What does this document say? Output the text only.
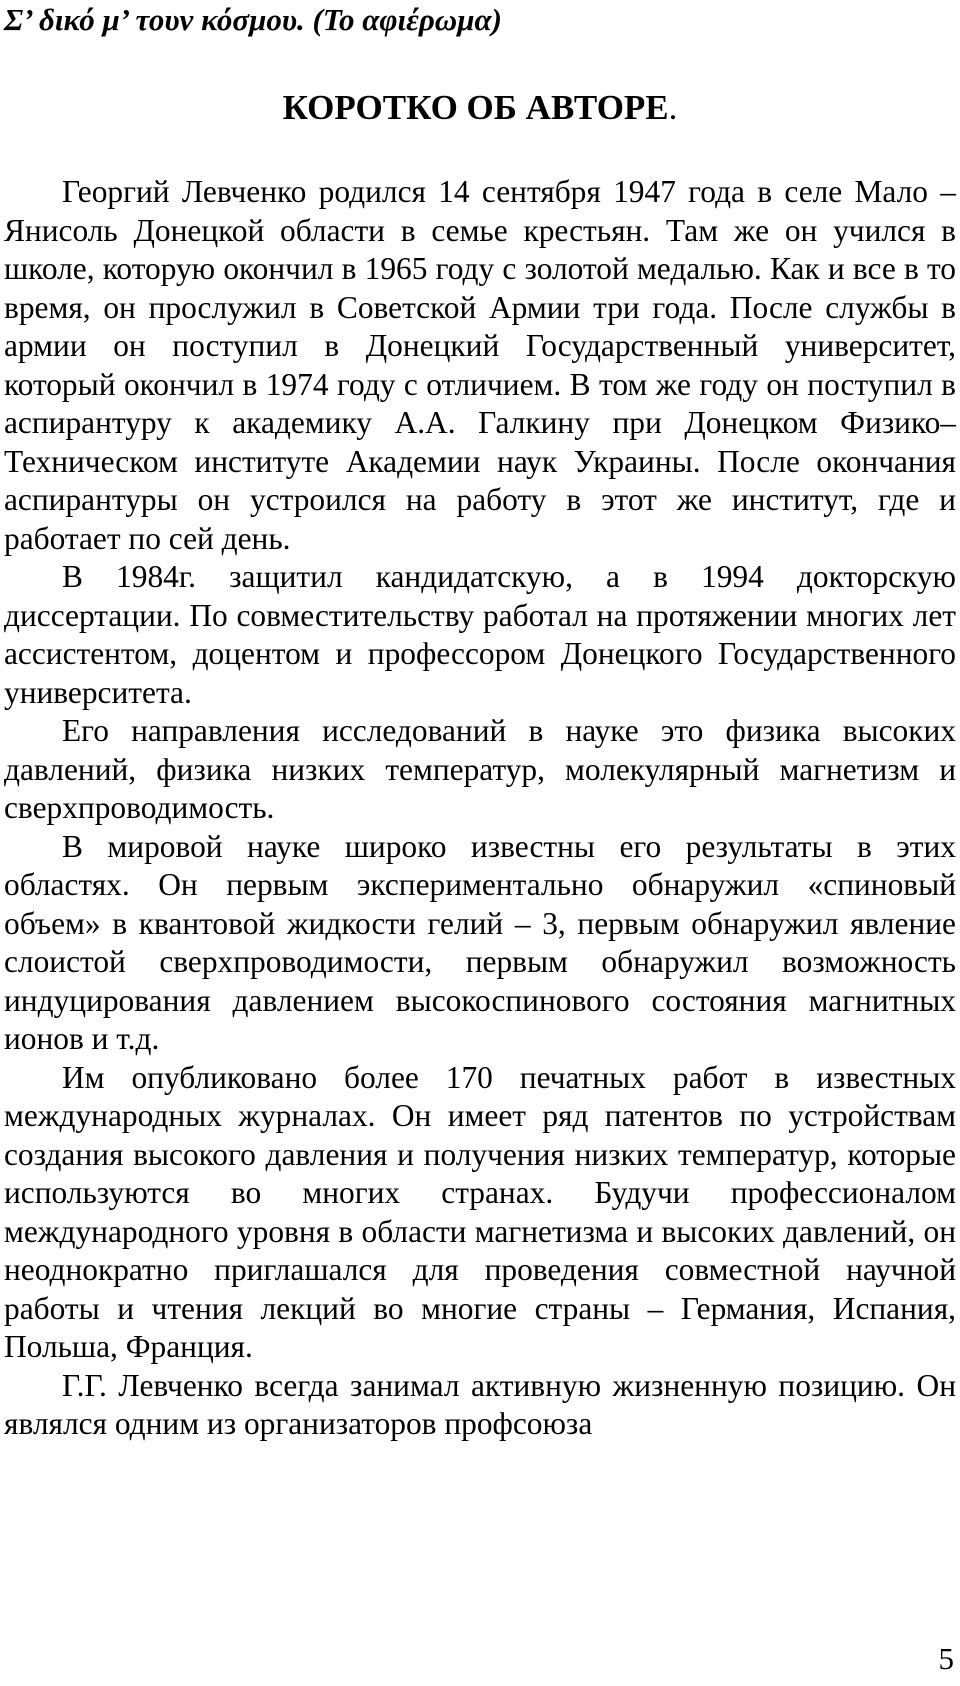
Σ’ δικό μ’ τουν κόσμου. (Το αφιέρωμα)
КОРОТКО ОБ АВТОРЕ.

Георгий Левченко родился 14 сентября 1947 года в селе Мало – Янисоль Донецкой области в семье крестьян. Там же он учился в школе, которую окончил в 1965 году с золотой медалью. Как и все в то время, он прослужил в Советской Армии три года. После службы в армии он поступил в Донецкий Государственный университет, который окончил в 1974 году с отличием. В том же году он поступил в аспирантуру к академику А.А. Галкину при Донецком Физико–Техническом институте Академии наук Украины. После окончания аспирантуры он устроился на работу в этот же институт, где и работает по сей день.

В 1984г. защитил кандидатскую, а в 1994 докторскую диссертации. По совместительству работал на протяжении многих лет ассистентом, доцентом и профессором Донецкого Государственного университета.

Его направления исследований в науке это физика высоких давлений, физика низких температур, молекулярный магнетизм и сверхпроводимость.

В мировой науке широко известны его результаты в этих областях. Он первым экспериментально обнаружил «спиновый объем» в квантовой жидкости гелий – 3, первым обнаружил явление слоистой сверхпроводимости, первым обнаружил возможность индуцирования давлением высокоспинового состояния магнитных ионов и т.д.

Им опубликовано более 170 печатных работ в известных международных журналах. Он имеет ряд патентов по устройствам создания высокого давления и получения низких температур, которые используются во многих странах. Будучи профессионалом международного уровня в области магнетизма и высоких давлений, он неоднократно приглашался для проведения совместной научной работы и чтения лекций во многие страны – Германия, Испания, Польша, Франция.

Г.Г. Левченко всегда занимал активную жизненную позицию. Он являлся одним из организаторов профсоюза

5
